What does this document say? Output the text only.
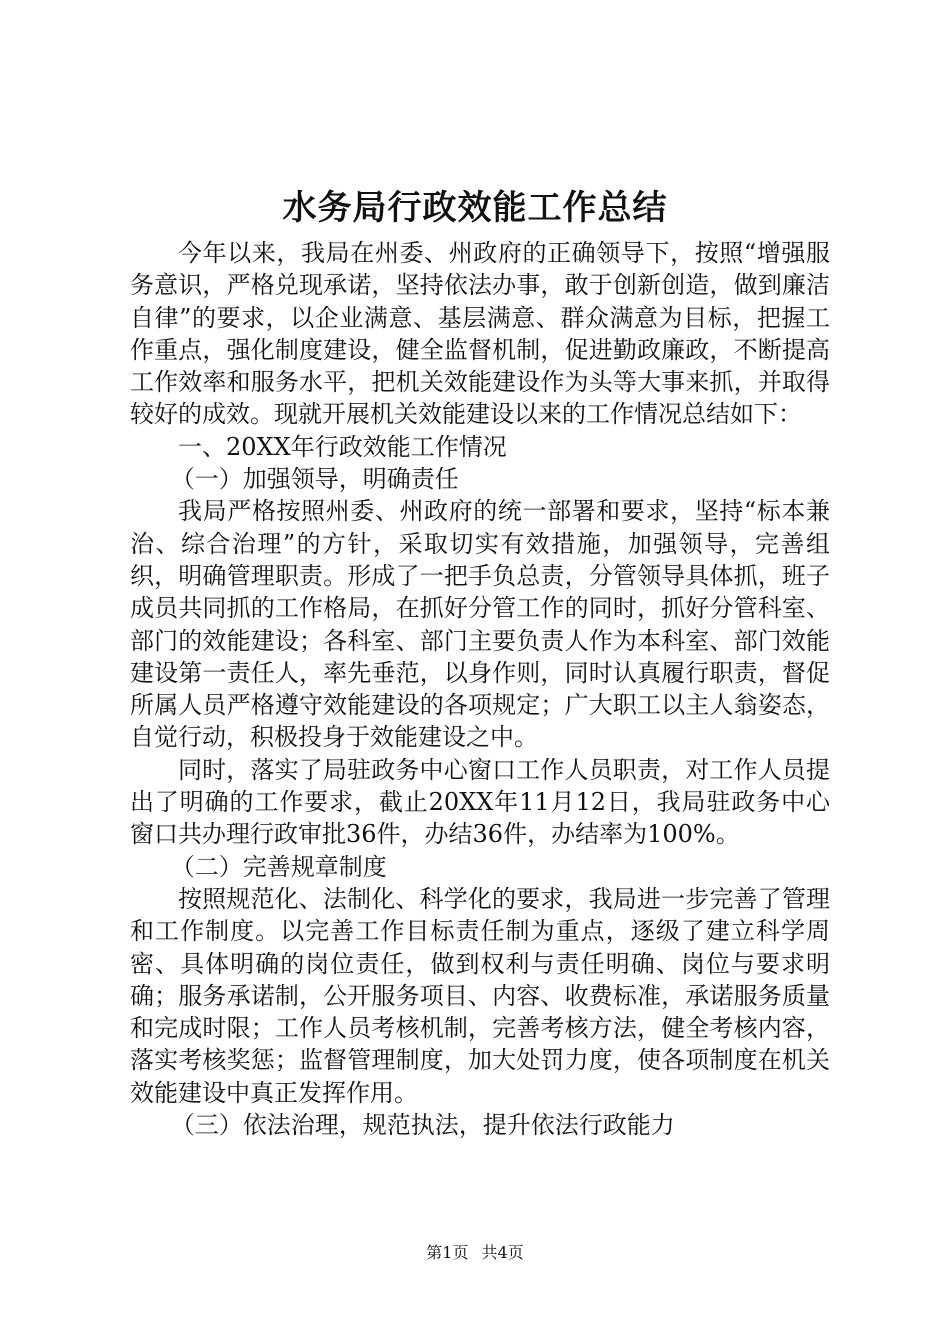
水务局行政效能工作总结

今年以来，我局在州委、州政府的正确领导下，按照“增强服务意识，严格兑现承诺，坚持依法办事，敢于创新创造，做到廉洁自律”的要求，以企业满意、基层满意、群众满意为目标，把握工作重点，强化制度建设，健全监督机制，促进勤政廉政，不断提高工作效率和服务水平，把机关效能建设作为头等大事来抓，并取得较好的成效。现就开展机关效能建设以来的工作情况总结如下：

一、20XX年行政效能工作情况

（一）加强领导，明确责任

我局严格按照州委、州政府的统一部署和要求，坚持“标本兼治、综合治理”的方针，采取切实有效措施，加强领导，完善组织，明确管理职责。形成了一把手负总责，分管领导具体抓，班子成员共同抓的工作格局，在抓好分管工作的同时，抓好分管科室、部门的效能建设；各科室、部门主要负责人作为本科室、部门效能建设第一责任人，率先垂范，以身作则，同时认真履行职责，督促所属人员严格遵守效能建设的各项规定；广大职工以主人翁姿态，自觉行动，积极投身于效能建设之中。

同时，落实了局驻政务中心窗口工作人员职责，对工作人员提出了明确的工作要求，截止20XX年11月12日，我局驻政务中心窗口共办理行政审批36件，办结36件，办结率为100%。

（二）完善规章制度

按照规范化、法制化、科学化的要求，我局进一步完善了管理和工作制度。以完善工作目标责任制为重点，逐级了建立科学周密、具体明确的岗位责任，做到权利与责任明确、岗位与要求明确；服务承诺制，公开服务项目、内容、收费标准，承诺服务质量和完成时限；工作人员考核机制，完善考核方法，健全考核内容，落实考核奖惩；监督管理制度，加大处罚力度，使各项制度在机关效能建设中真正发挥作用。

（三）依法治理，规范执法，提升依法行政能力

第1页 共4页
